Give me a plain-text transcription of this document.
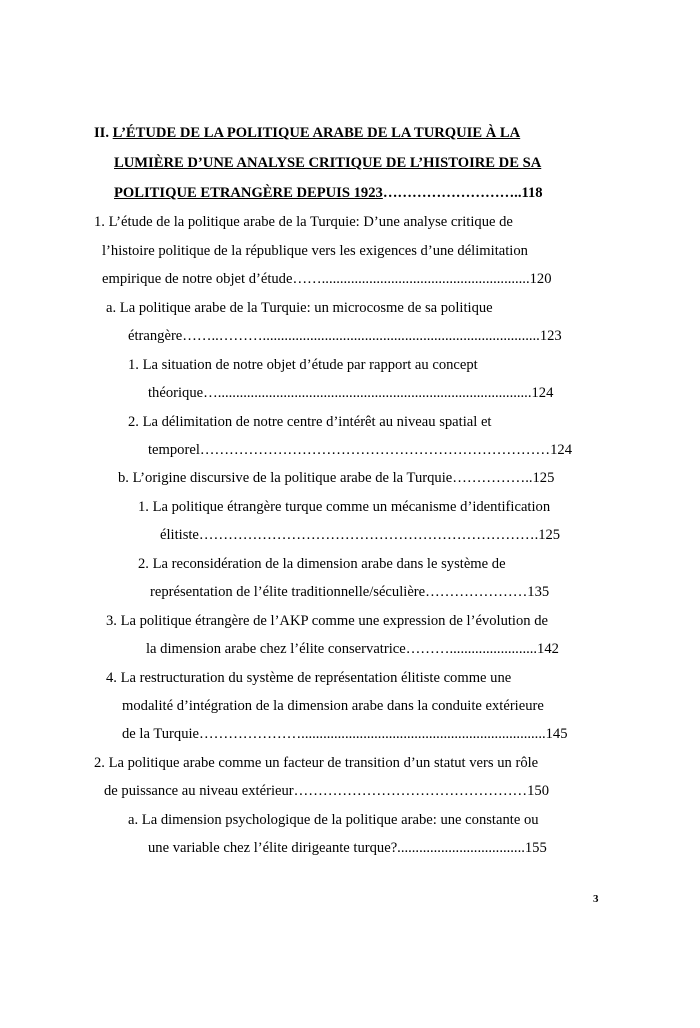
II. L’ÉTUDE DE LA POLITIQUE ARABE DE LA TURQUIE À LA
LUMIÈRE D’UNE ANALYSE CRITIQUE DE L’HISTOIRE DE SA
POLITIQUE ETRANGÈRE DEPUIS 1923………………………..118
1. L’étude de la politique arabe de la Turquie: D’une analyse critique de
l’histoire politique de la république vers les exigences d’une délimitation
empirique de notre objet d’étude…….........................................................120
a. La politique arabe de la Turquie: un microcosme de sa politique
étrangère……..………............................................................................123
1. La situation de notre objet d’étude par rapport au concept
théorique…......................................................................................124
2. La délimitation de notre centre d’intérêt au niveau spatial et
temporel………………………………………………………………124
b. L’origine discursive de la politique arabe de la Turquie……………..125
1. La politique étrangère turque comme un mécanisme d’identification
élitiste…………………………………………………………….125
2. La reconsidération de la dimension arabe dans le système de
représentation de l’élite traditionnelle/séculière…………………135
3. La politique étrangère de l’AKP comme une expression de l’évolution de
la dimension arabe chez l’élite conservatrice………........................142
4. La restructuration du système de représentation élitiste comme une
modalité d’intégration de la dimension arabe dans la conduite extérieure
de la Turquie…………………...................................................................145
2. La politique arabe comme un facteur de transition d’un statut vers un rôle
de puissance au niveau extérieur…………………………………………150
a. La dimension psychologique de la politique arabe: une constante ou
une variable chez l’élite dirigeante turque?...................................155
3
